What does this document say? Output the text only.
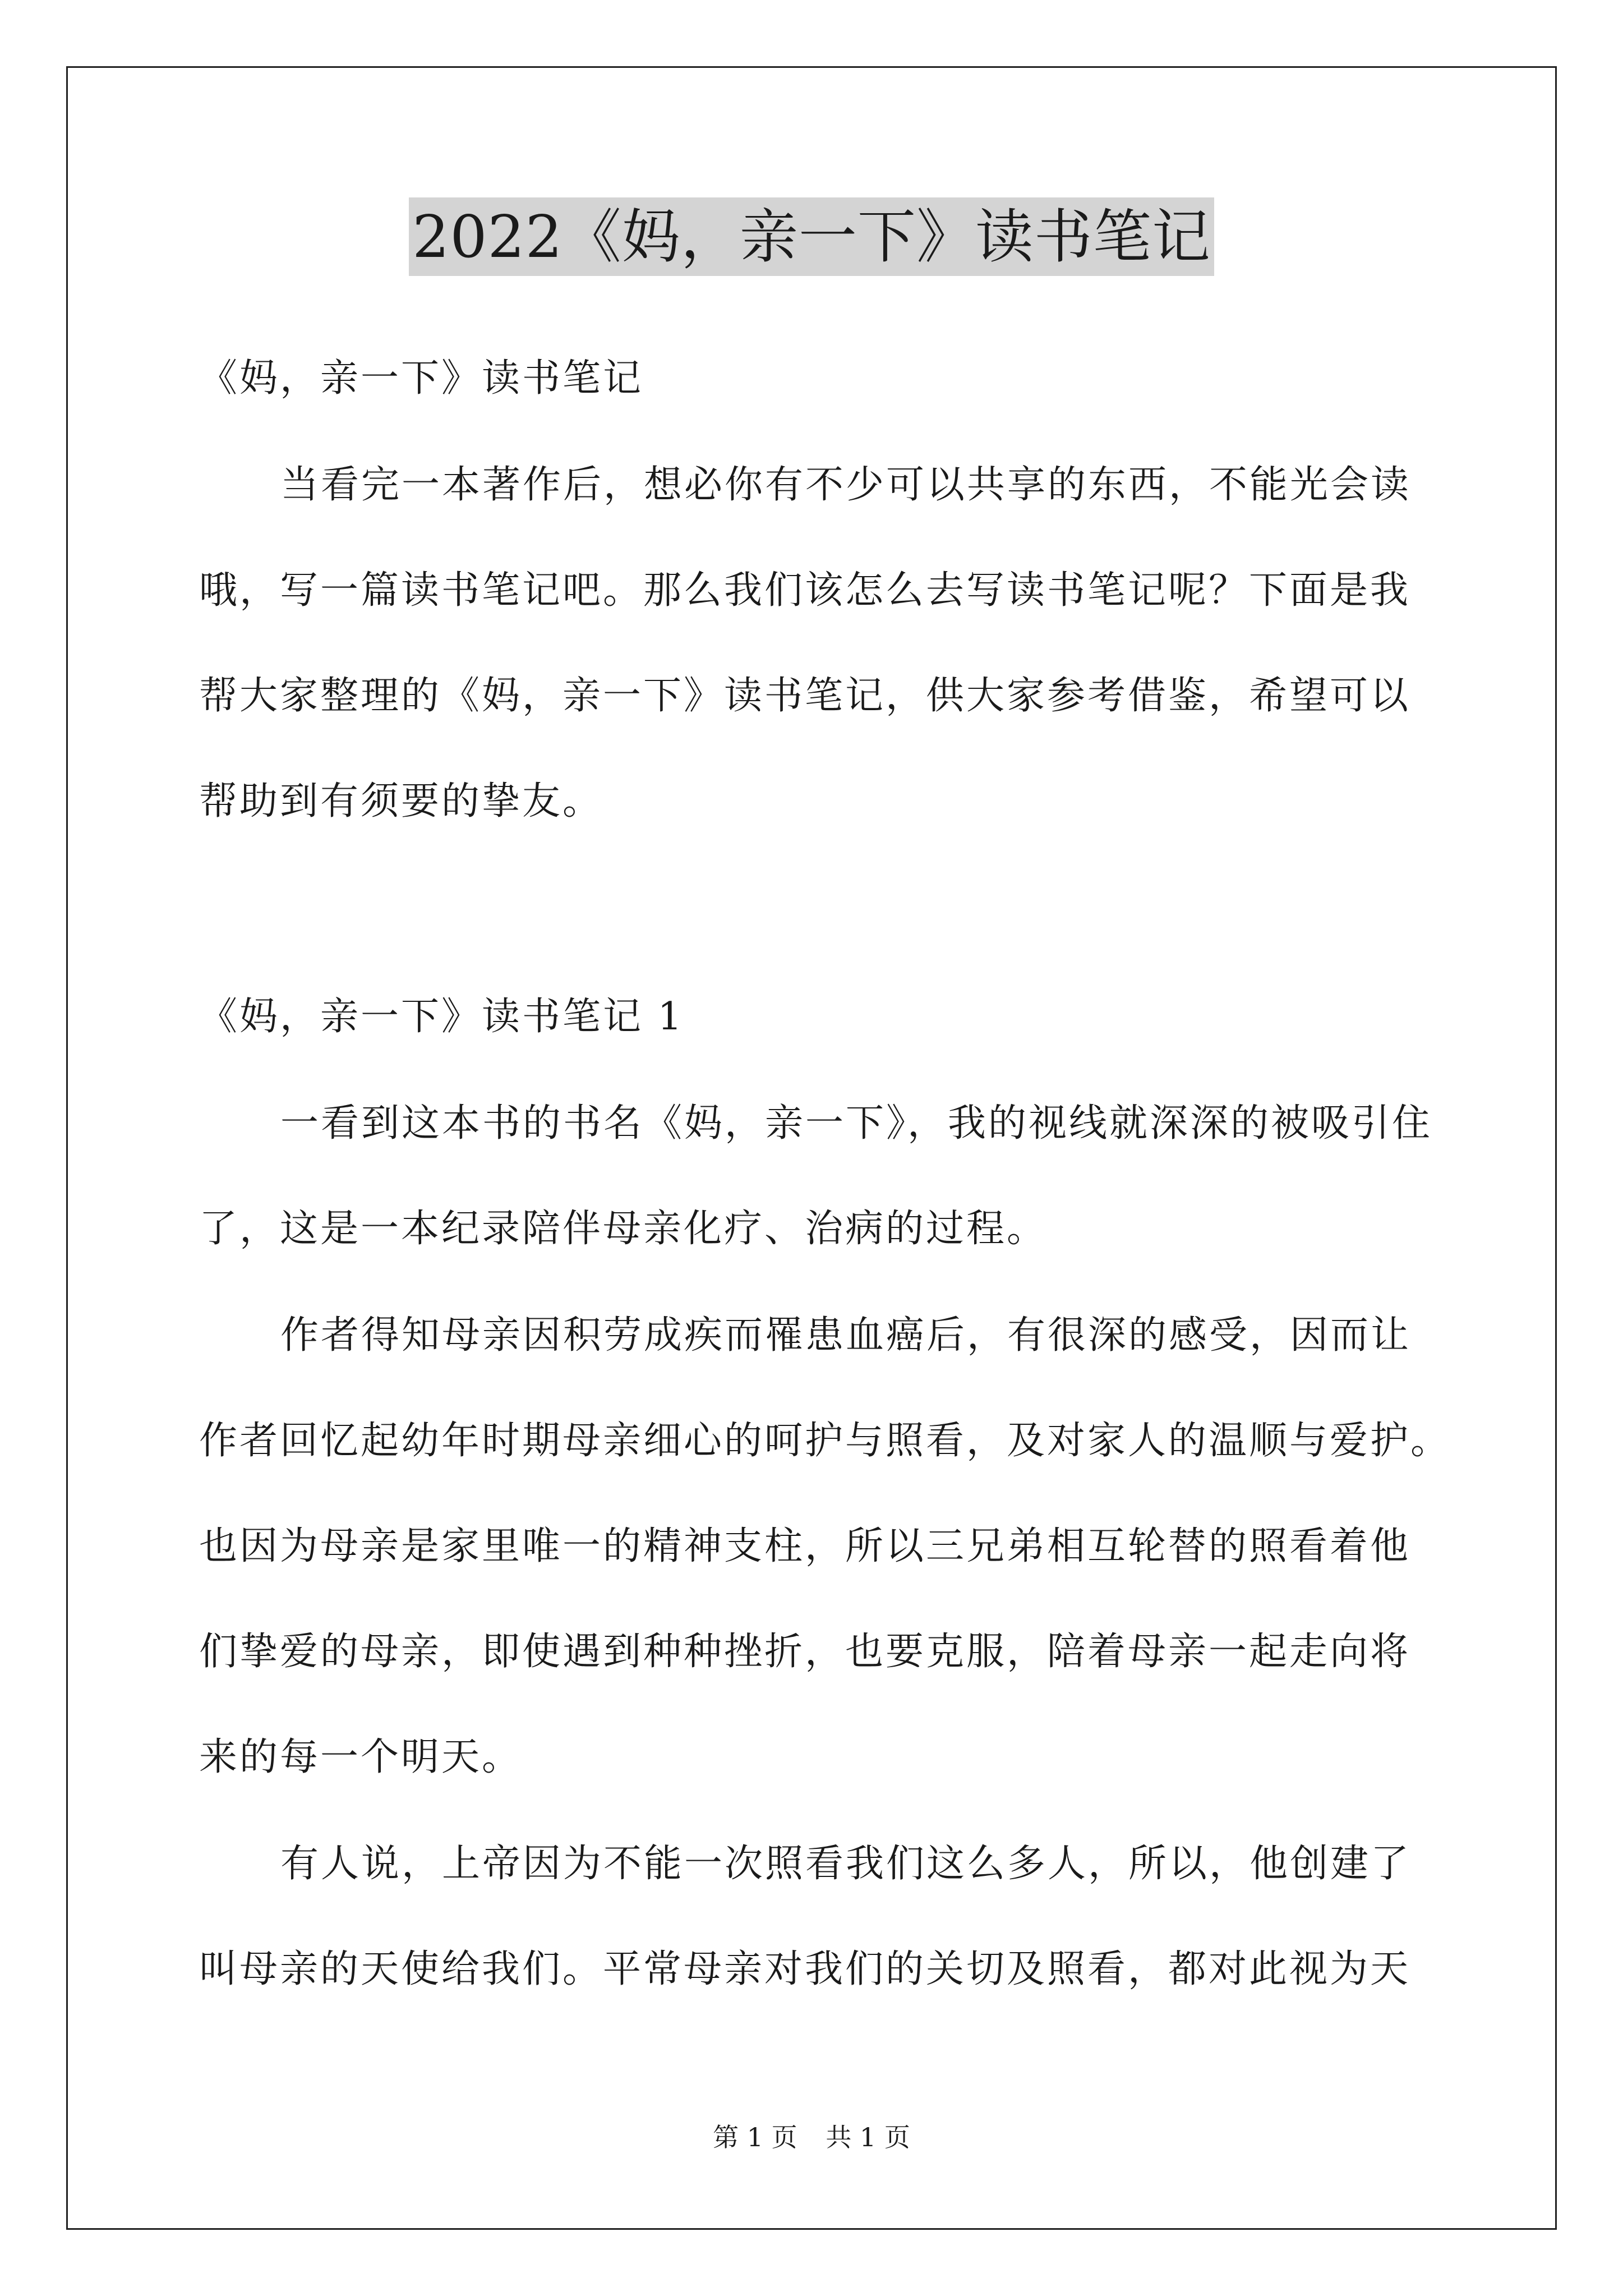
2022《妈，亲一下》读书笔记
《妈，亲一下》读书笔记
当看完一本著作后，想必你有不少可以共享的东西，不能光会读
哦，写一篇读书笔记吧。那么我们该怎么去写读书笔记呢？下面是我
帮大家整理的《妈，亲一下》读书笔记，供大家参考借鉴，希望可以
帮助到有须要的挚友。
《妈，亲一下》读书笔记 1
一看到这本书的书名《妈，亲一下》，我的视线就深深的被吸引住
了，这是一本纪录陪伴母亲化疗、治病的过程。
作者得知母亲因积劳成疾而罹患血癌后，有很深的感受，因而让
作者回忆起幼年时期母亲细心的呵护与照看，及对家人的温顺与爱护。
也因为母亲是家里唯一的精神支柱，所以三兄弟相互轮替的照看着他
们挚爱的母亲，即使遇到种种挫折，也要克服，陪着母亲一起走向将
来的每一个明天。
有人说，上帝因为不能一次照看我们这么多人，所以，他创建了
叫母亲的天使给我们。平常母亲对我们的关切及照看，都对此视为天
第 1 页 共 1 页
